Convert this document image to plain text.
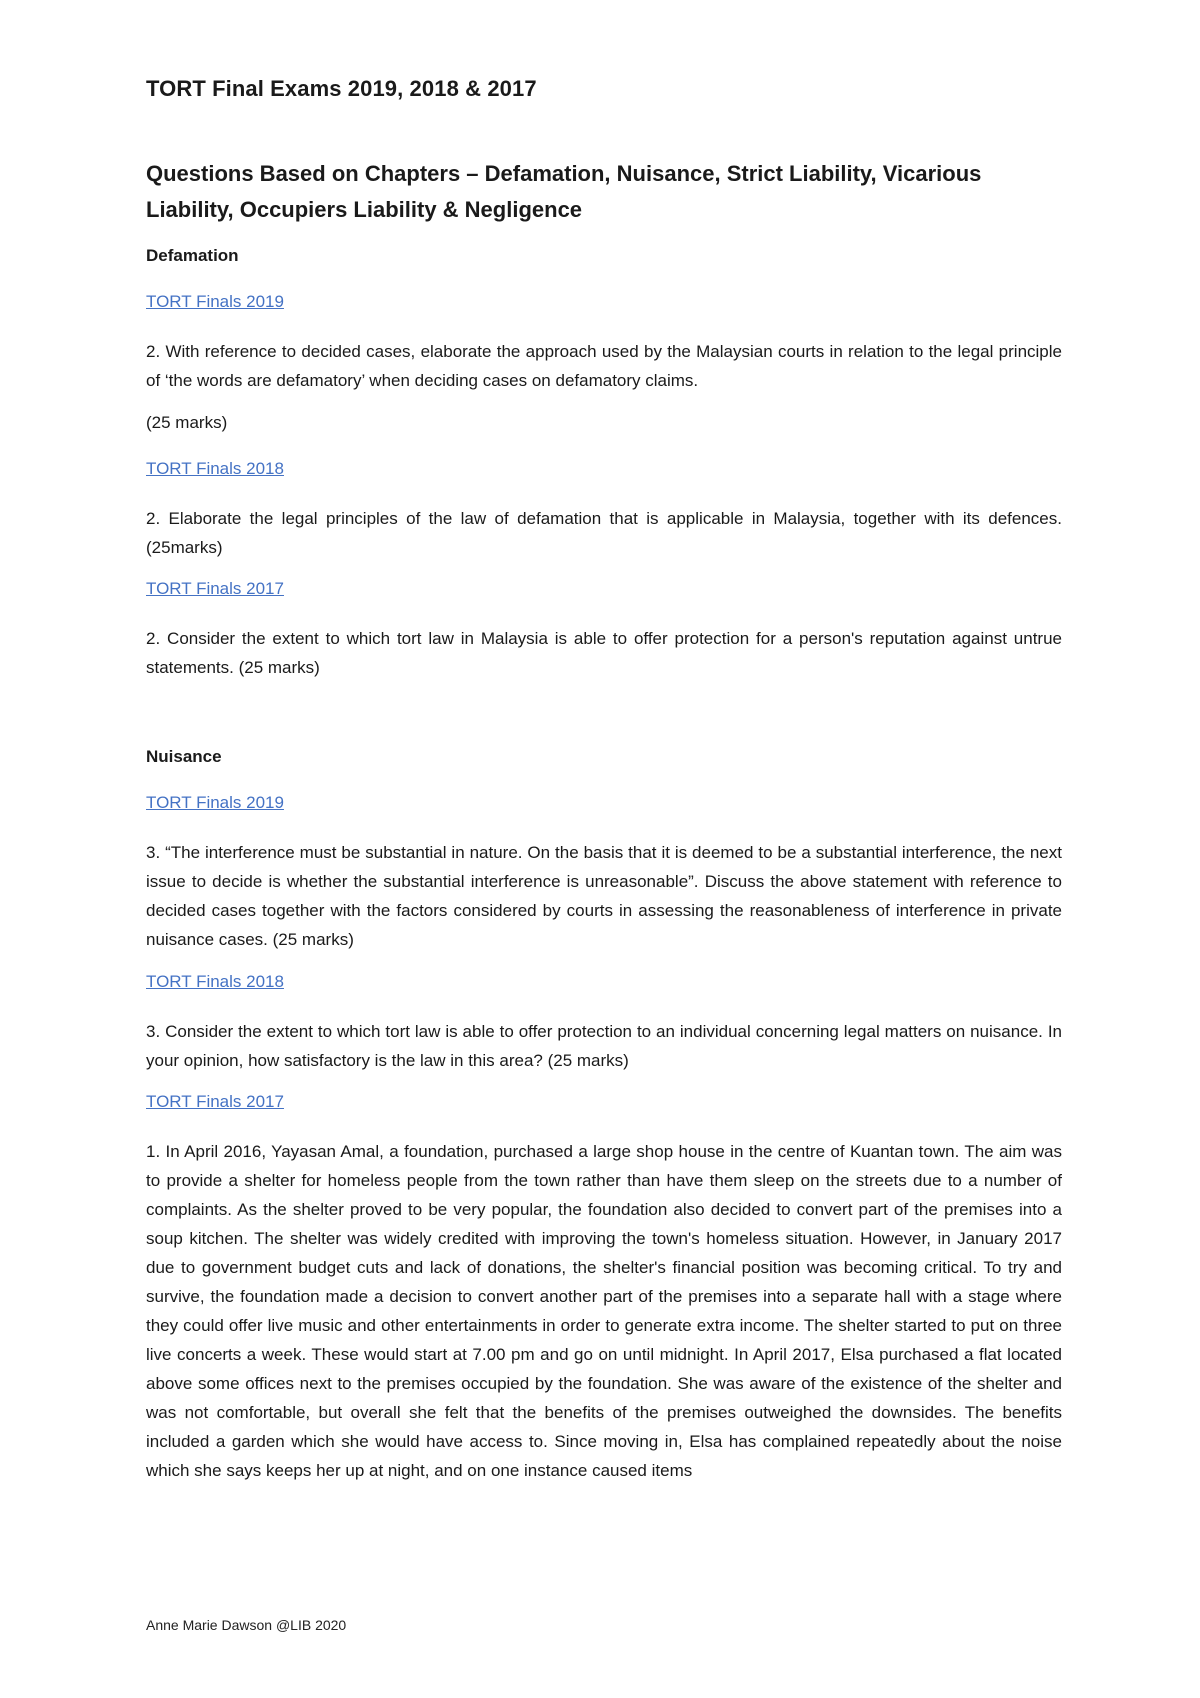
TORT Final Exams 2019, 2018 & 2017
Questions Based on Chapters – Defamation, Nuisance, Strict Liability, Vicarious Liability, Occupiers Liability & Negligence
Defamation
TORT Finals 2019

2. With reference to decided cases, elaborate the approach used by the Malaysian courts in relation to the legal principle of ‘the words are defamatory’ when deciding cases on defamatory claims.

(25 marks)
TORT Finals 2018

2. Elaborate the legal principles of the law of defamation that is applicable in Malaysia, together with its defences. (25marks)

TORT Finals 2017

2. Consider the extent to which tort law in Malaysia is able to offer protection for a person's reputation against untrue statements. (25 marks)

Nuisance
TORT Finals 2019

3. “The interference must be substantial in nature. On the basis that it is deemed to be a substantial interference, the next issue to decide is whether the substantial interference is unreasonable”. Discuss the above statement with reference to decided cases together with the factors considered by courts in assessing the reasonableness of interference in private nuisance cases. (25 marks)

TORT Finals 2018

3. Consider the extent to which tort law is able to offer protection to an individual concerning legal matters on nuisance. In your opinion, how satisfactory is the law in this area? (25 marks)

TORT Finals 2017

1. In April 2016, Yayasan Amal, a foundation, purchased a large shop house in the centre of Kuantan town. The aim was to provide a shelter for homeless people from the town rather than have them sleep on the streets due to a number of complaints. As the shelter proved to be very popular, the foundation also decided to convert part of the premises into a soup kitchen. The shelter was widely credited with improving the town's homeless situation. However, in January 2017 due to government budget cuts and lack of donations, the shelter's financial position was becoming critical. To try and survive, the foundation made a decision to convert another part of the premises into a separate hall with a stage where they could offer live music and other entertainments in order to generate extra income. The shelter started to put on three live concerts a week. These would start at 7.00 pm and go on until midnight. In April 2017, Elsa purchased a flat located above some offices next to the premises occupied by the foundation. She was aware of the existence of the shelter and was not comfortable, but overall she felt that the benefits of the premises outweighed the downsides. The benefits included a garden which she would have access to. Since moving in, Elsa has complained repeatedly about the noise which she says keeps her up at night, and on one instance caused items

Anne Marie Dawson @LIB 2020
